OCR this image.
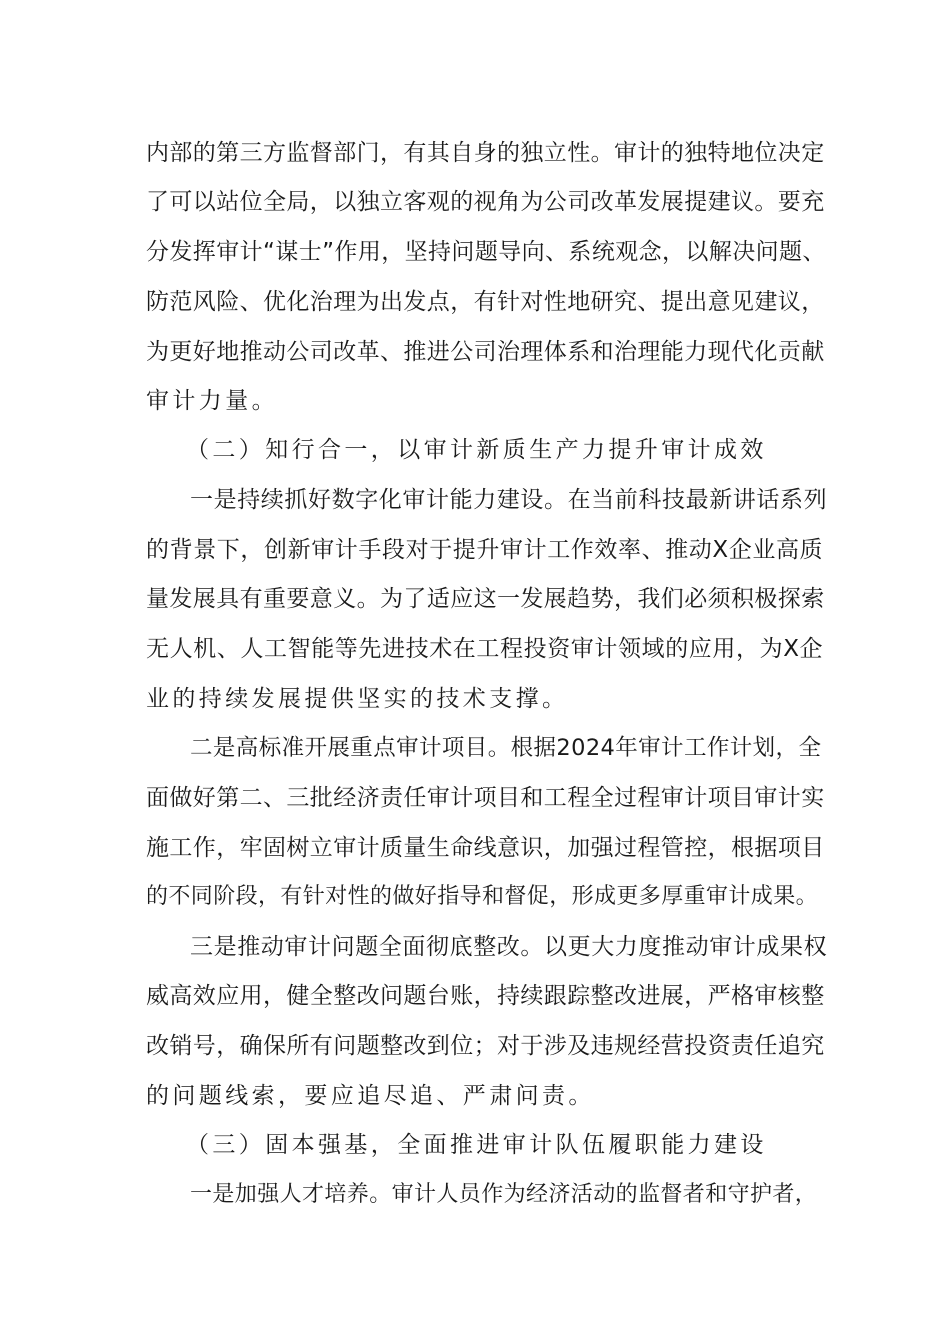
内部的第三方监督部门，有其自身的独立性。审计的独特地位决定
了可以站位全局，以独立客观的视角为公司改革发展提建议。要充
分发挥审计“谋士”作用，坚持问题导向、系统观念，以解决问题、
防范风险、优化治理为出发点，有针对性地研究、提出意见建议，
为更好地推动公司改革、推进公司治理体系和治理能力现代化贡献
审计力量。
（二）知行合一，以审计新质生产力提升审计成效
一是持续抓好数字化审计能力建设。在当前科技最新讲话系列
的背景下，创新审计手段对于提升审计工作效率、推动X企业高质
量发展具有重要意义。为了适应这一发展趋势，我们必须积极探索
无人机、人工智能等先进技术在工程投资审计领域的应用，为X企
业的持续发展提供坚实的技术支撑。
二是高标准开展重点审计项目。根据2024年审计工作计划，全
面做好第二、三批经济责任审计项目和工程全过程审计项目审计实
施工作，牢固树立审计质量生命线意识，加强过程管控，根据项目
的不同阶段，有针对性的做好指导和督促，形成更多厚重审计成果。
三是推动审计问题全面彻底整改。以更大力度推动审计成果权
威高效应用，健全整改问题台账，持续跟踪整改进展，严格审核整
改销号，确保所有问题整改到位；对于涉及违规经营投资责任追究
的问题线索，要应追尽追、严肃问责。
（三）固本强基，全面推进审计队伍履职能力建设
一是加强人才培养。审计人员作为经济活动的监督者和守护者，
